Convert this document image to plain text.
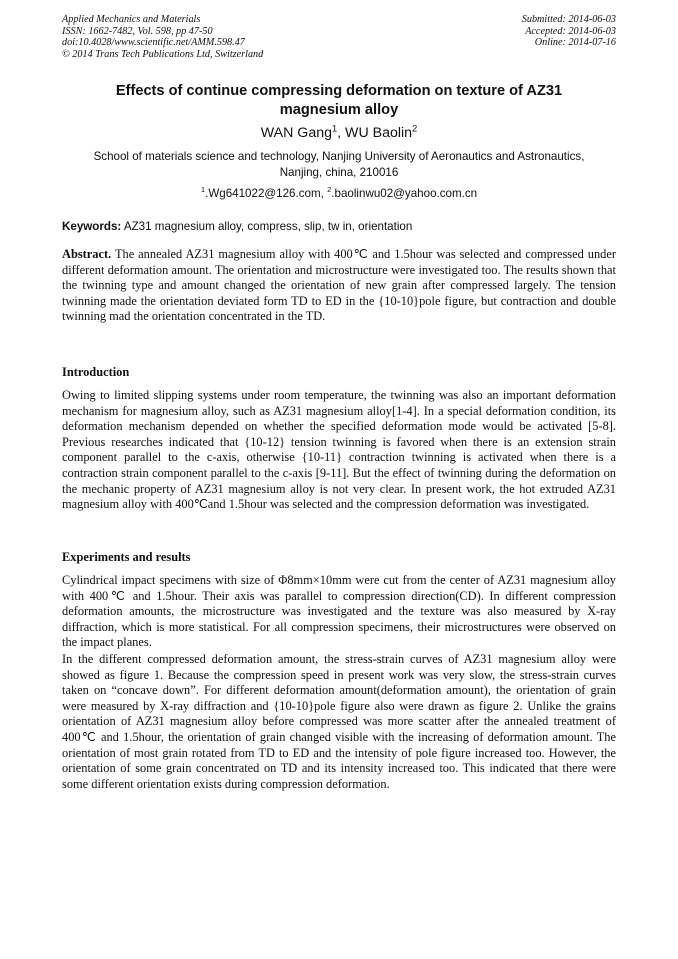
Applied Mechanics and Materials
ISSN: 1662-7482, Vol. 598, pp 47-50
doi:10.4028/www.scientific.net/AMM.598.47
© 2014 Trans Tech Publications Ltd, Switzerland
Submitted: 2014-06-03
Accepted: 2014-06-03
Online: 2014-07-16
Effects of continue compressing deformation on texture of AZ31
magnesium alloy
WAN Gang$^1$, WU Baolin$^2$
School of materials science and technology, Nanjing University of Aeronautics and Astronautics,
Nanjing, china, 210016
$^1$.Wg641022@126.com, $^2$.baolinwu02@yahoo.com.cn
Keywords: AZ31 magnesium alloy, compress, slip, tw in, orientation
Abstract. The annealed AZ31 magnesium alloy with 400℃ and 1.5hour was selected and compressed under different deformation amount. The orientation and microstructure were investigated too. The results shown that the twinning type and amount changed the orientation of new grain after compressed largely. The tension twinning made the orientation deviated form TD to ED in the {10-10}pole figure, but contraction and double twinning mad the orientation concentrated in the TD.
Introduction
Owing to limited slipping systems under room temperature, the twinning was also an important deformation mechanism for magnesium alloy, such as AZ31 magnesium alloy[1-4]. In a special deformation condition, its deformation mechanism depended on whether the specified deformation mode would be activated [5-8]. Previous researches indicated that {10-12} tension twinning is favored when there is an extension strain component parallel to the c-axis, otherwise {10-11} contraction twinning is activated when there is a contraction strain component parallel to the c-axis [9-11]. But the effect of twinning during the deformation on the mechanic property of AZ31 magnesium alloy is not very clear. In present work, the hot extruded AZ31 magnesium alloy with 400℃and 1.5hour was selected and the compression deformation was investigated.
Experiments and results
Cylindrical impact specimens with size of Φ8mm×10mm were cut from the center of AZ31 magnesium alloy with 400℃ and 1.5hour. Their axis was parallel to compression direction(CD). In different compression deformation amounts, the microstructure was investigated and the texture was also measured by X-ray diffraction, which is more statistical. For all compression specimens, their microstructures were observed on the impact planes.
In the different compressed deformation amount, the stress-strain curves of AZ31 magnesium alloy were showed as figure 1. Because the compression speed in present work was very slow, the stress-strain curves taken on “concave down”. For different deformation amount(deformation amount), the orientation of grain were measured by X-ray diffraction and {10-10}pole figure also were drawn as figure 2. Unlike the grains orientation of AZ31 magnesium alloy before compressed was more scatter after the annealed treatment of 400℃ and 1.5hour, the orientation of grain changed visible with the increasing of deformation amount. The orientation of most grain rotated from TD to ED and the intensity of pole figure increased too. However, the orientation of some grain concentrated on TD and its intensity increased too. This indicated that there were some different orientation exists during compression deformation.
